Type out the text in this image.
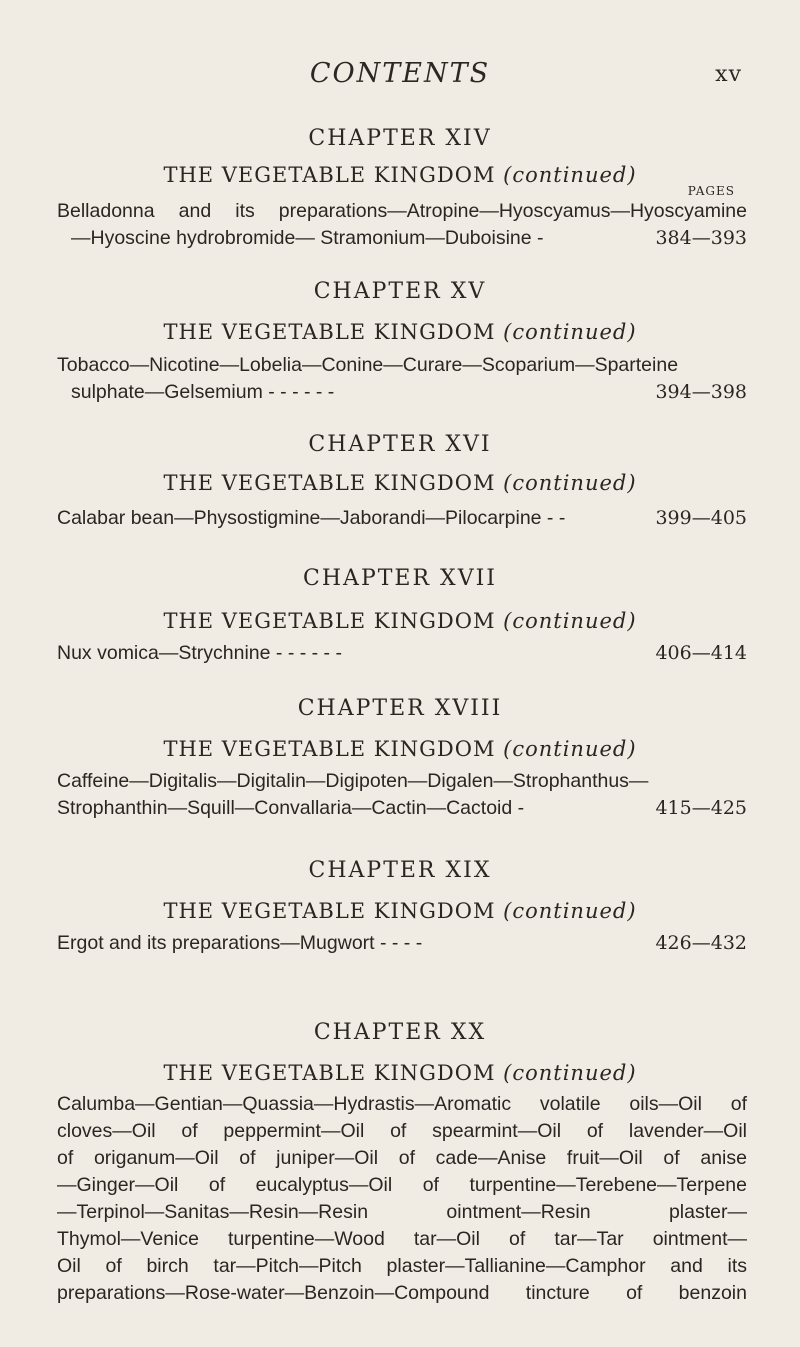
CONTENTS	xv
CHAPTER XIV
THE VEGETABLE KINGDOM (continued)
PAGES
Belladonna and its preparations—Atropine—Hyoscyamus—Hyoscyamine
—Hyoscine hydrobromide— Stramonium—Duboisine -	384—393
CHAPTER XV
THE VEGETABLE KINGDOM (continued)
Tobacco—Nicotine—Lobelia—Conine—Curare—Scoparium—Sparteine
sulphate—Gelsemium - - - - - -	394—398
CHAPTER XVI
THE VEGETABLE KINGDOM (continued)
Calabar bean—Physostigmine—Jaborandi—Pilocarpine - -	399—405
CHAPTER XVII
THE VEGETABLE KINGDOM (continued)
Nux vomica—Strychnine - - - - - -	406—414
CHAPTER XVIII
THE VEGETABLE KINGDOM (continued)
Caffeine—Digitalis—Digitalin—Digipoten—Digalen—Strophanthus—
Strophanthin—Squill—Convallaria—Cactin—Cactoid -	415—425
CHAPTER XIX
THE VEGETABLE KINGDOM (continued)
Ergot and its preparations—Mugwort - - - -	426—432
CHAPTER XX
THE VEGETABLE KINGDOM (continued)
Calumba—Gentian—Quassia—Hydrastis—Aromatic volatile oils—Oil of
cloves—Oil of peppermint—Oil of spearmint—Oil of lavender—Oil
of origanum—Oil of juniper—Oil of cade—Anise fruit—Oil of anise
—Ginger—Oil of eucalyptus—Oil of turpentine—Terebene—Terpene
—Terpinol—Sanitas—Resin—Resin ointment—Resin plaster—
Thymol—Venice turpentine—Wood tar—Oil of tar—Tar ointment—
Oil of birch tar—Pitch—Pitch plaster—Tallianine—Camphor and its
preparations—Rose-water—Benzoin—Compound tincture of benzoin
